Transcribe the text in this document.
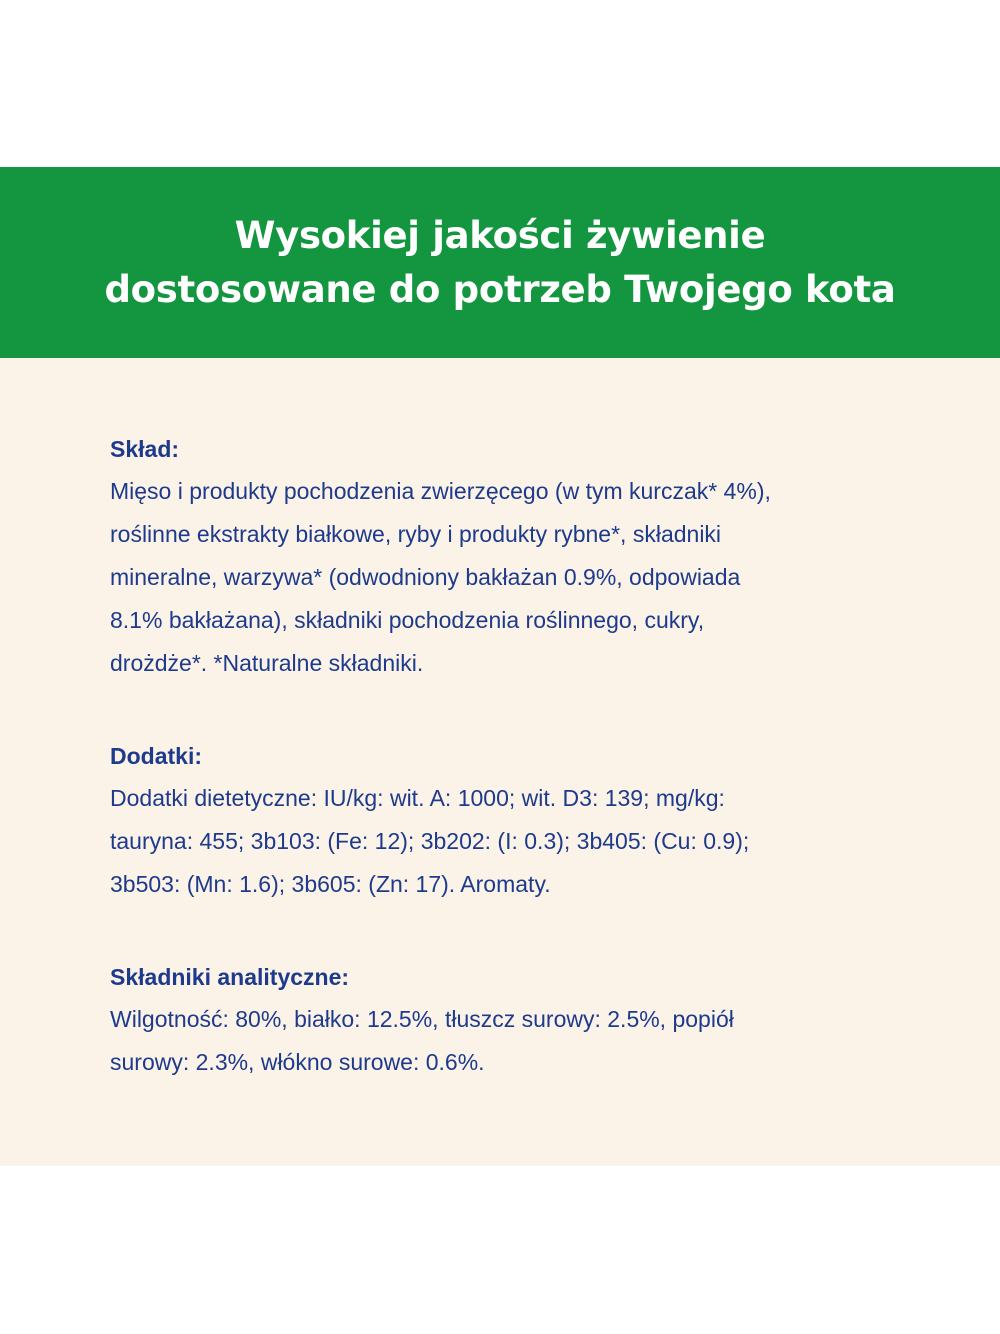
Wysokiej jakości żywienie
dostosowane do potrzeb Twojego kota
Skład:
Mięso i produkty pochodzenia zwierzęcego (w tym kurczak* 4%),
roślinne ekstrakty białkowe, ryby i produkty rybne*, składniki
mineralne, warzywa* (odwodniony bakłażan 0.9%, odpowiada
8.1% bakłażana), składniki pochodzenia roślinnego, cukry,
drożdże*. *Naturalne składniki.
Dodatki:
Dodatki dietetyczne: IU/kg: wit. A: 1000; wit. D3: 139; mg/kg:
tauryna: 455; 3b103: (Fe: 12); 3b202: (I: 0.3); 3b405: (Cu: 0.9);
3b503: (Mn: 1.6); 3b605: (Zn: 17). Aromaty.
Składniki analityczne:
Wilgotność: 80%, białko: 12.5%, tłuszcz surowy: 2.5%, popiół
surowy: 2.3%, włókno surowe: 0.6%.
